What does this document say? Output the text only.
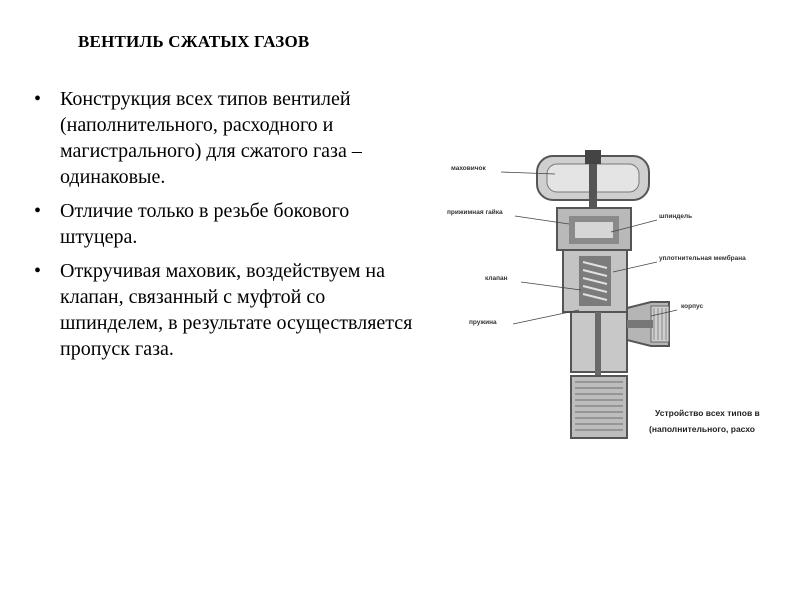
ВЕНТИЛЬ СЖАТЫХ ГАЗОВ
• Конструкция всех типов вентилей (наполнительного, расходного и магистрального) для сжатого газа – одинаковые.
• Отличие только в резьбе бокового штуцера.
• Откручивая маховик, воздействуем на клапан, связанный с муфтой со шпинделем, в результате осуществляется пропуск газа.
маховичок
прижимная гайка
шпиндель
уплотнительная мембрана
клапан
корпус
пружина
Устройство всех типов в
(наполнительного, расхо
